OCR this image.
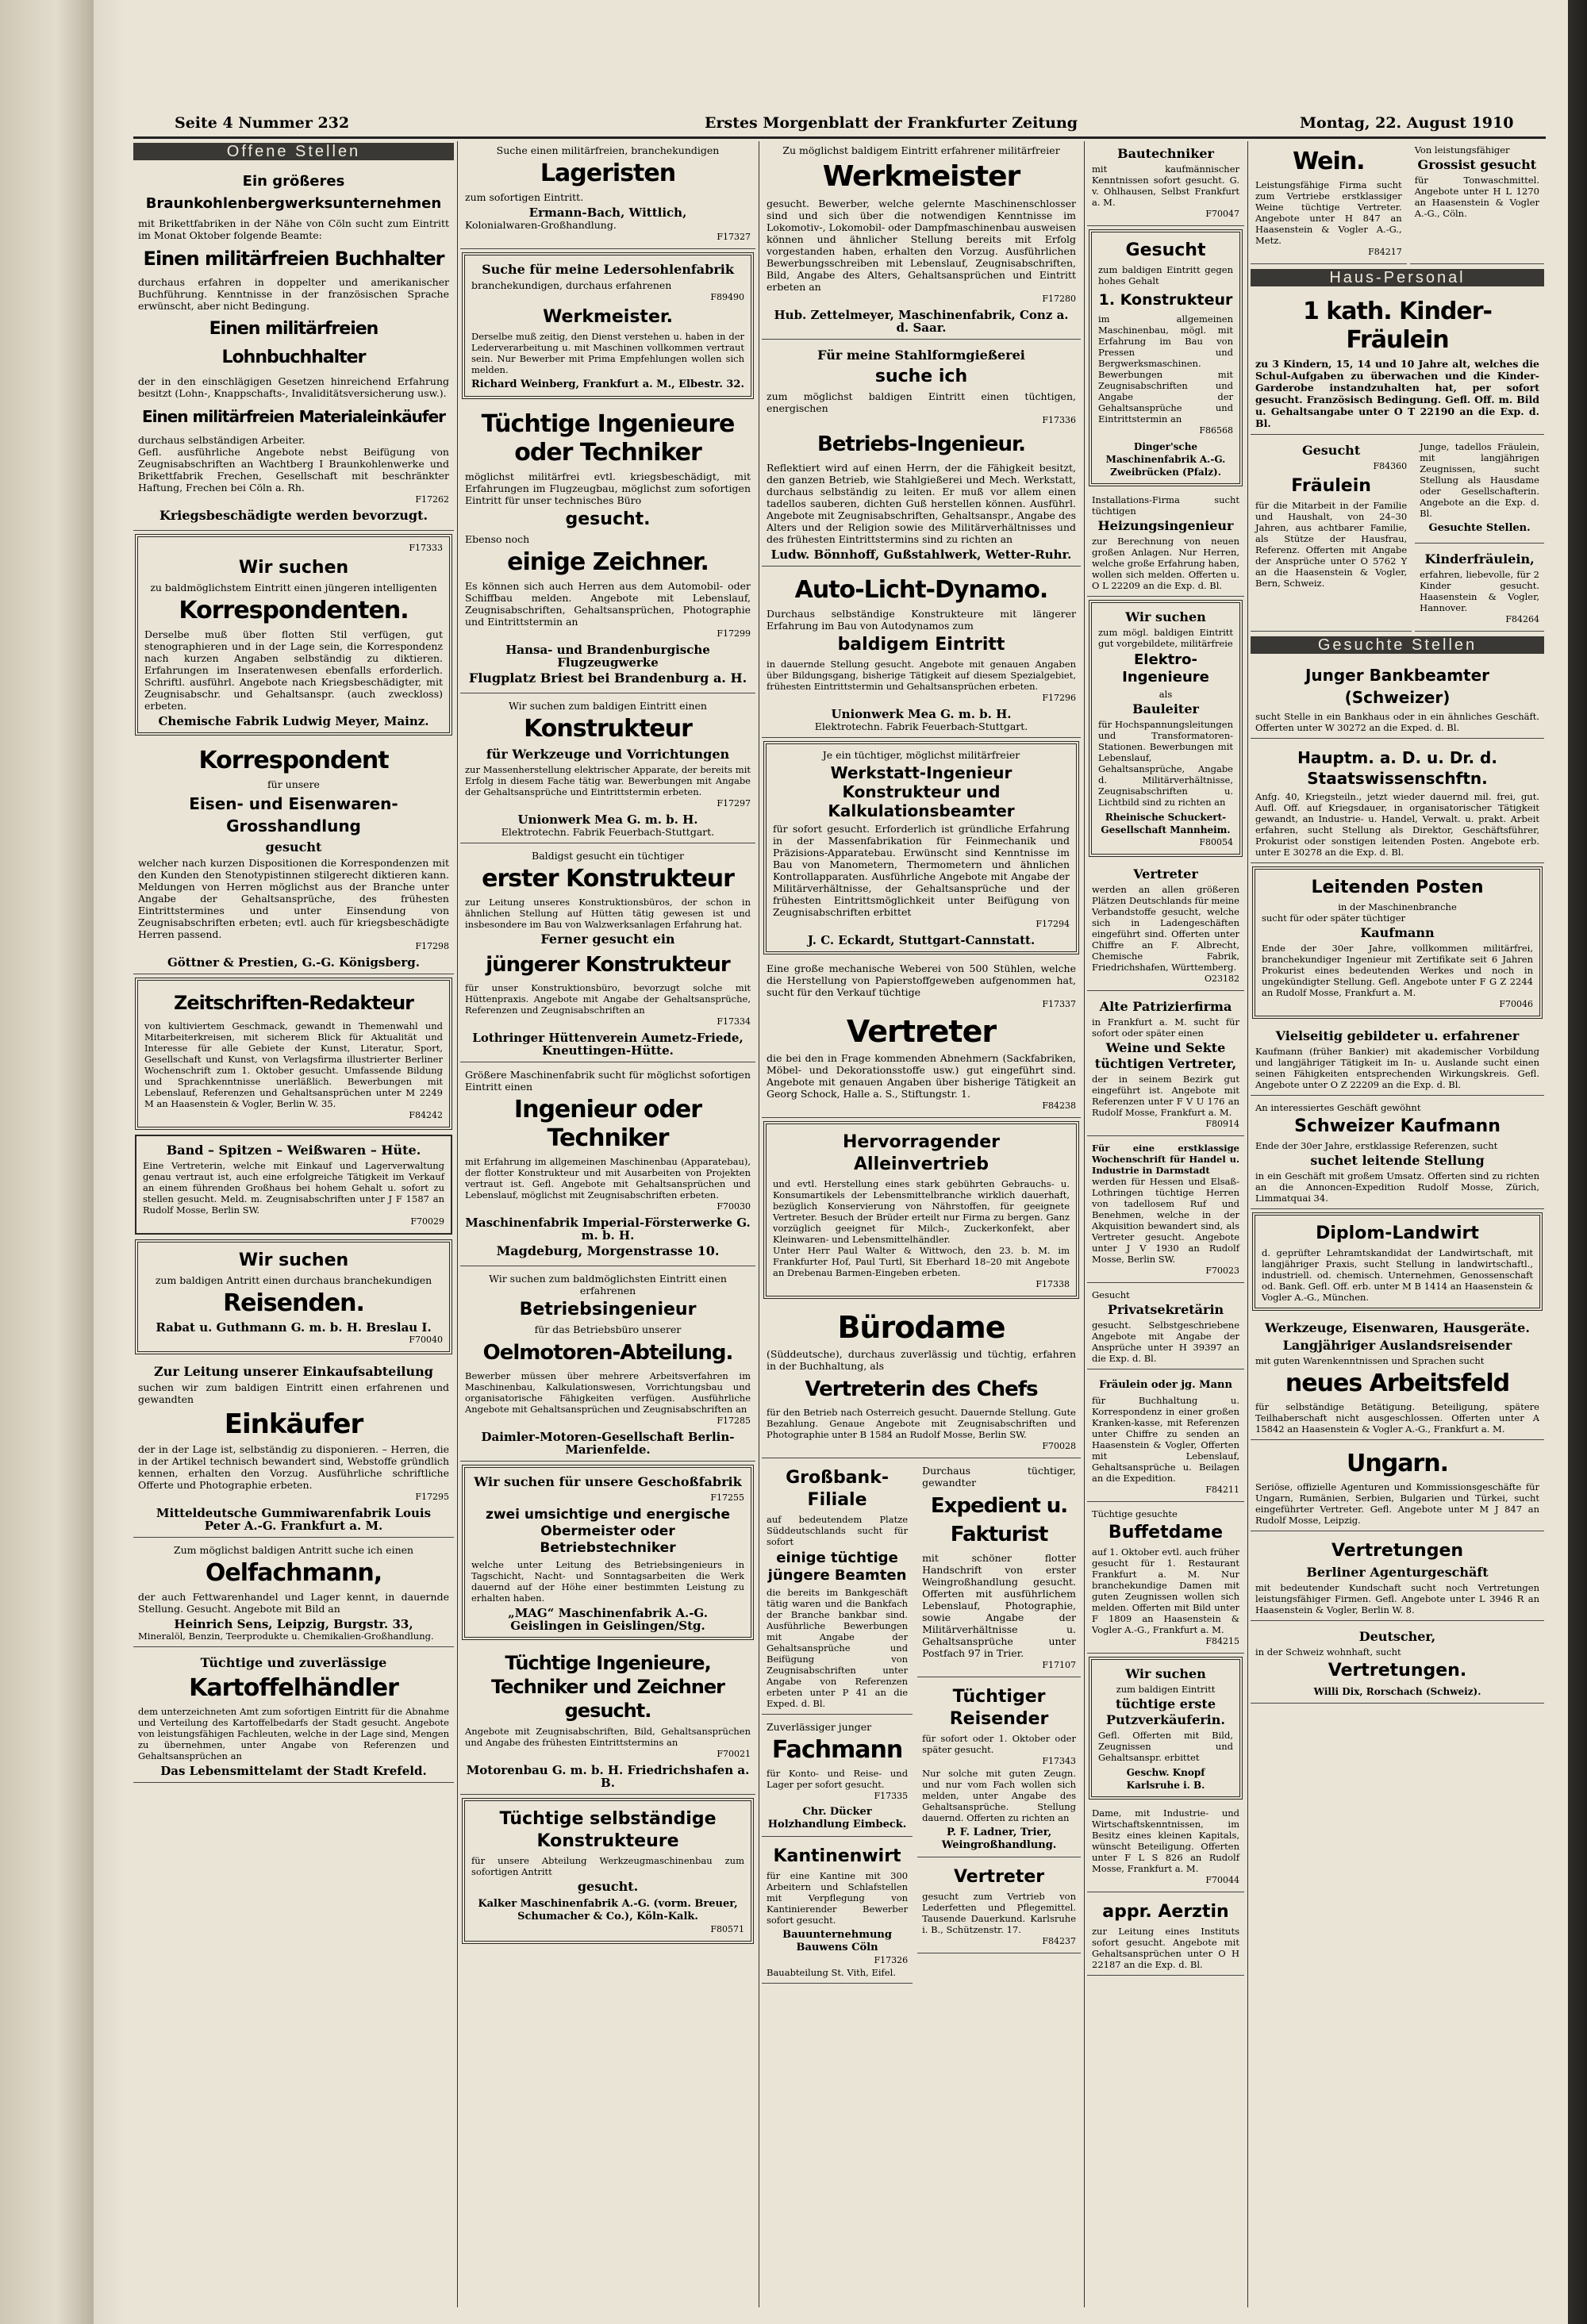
Seite 4 Nummer 232	Erstes Morgenblatt der Frankfurter Zeitung	Montag, 22. August 1910
Offene Stellen
Ein größeres Braunkohlenbergwerksunternehmen
mit Brikettfabriken in der Nähe von Cöln sucht zum Eintritt im Monat Oktober folgende Beamte:
Einen militärfreien Buchhalter
durchaus erfahren in doppelter und amerikanischer Buchführung. Kenntnisse in der französischen Sprache erwünscht, aber nicht Bedingung.
Einen militärfreien Lohnbuchhalter
der in den einschlägigen Gesetzen hinreichend Erfahrung besitzt (Lohn-, Knappschafts-, Invaliditätsversicherung usw.).
Einen militärfreien Materialeinkäufer
durchaus selbständigen Arbeiter.
Gefl. ausführliche Angebote nebst Beifügung von Zeugnisabschriften an Wachtberg I Braunkohlenwerke und Brikettfabrik Frechen, Gesellschaft mit beschränkter Haftung, Frechen bei Cöln a. Rh.
F17262
Kriegsbeschädigte werden bevorzugt.
F17333
Wir suchen
zu baldmöglichstem Eintritt einen jüngeren intelligenten
Korrespondenten.
Derselbe muß über flotten Stil verfügen, gut stenographieren und in der Lage sein, die Korrespondenz nach kurzen Angaben selbständig zu diktieren. Erfahrungen im Inseratenwesen ebenfalls erforderlich. Schriftl. ausführl. Angebote nach Kriegsbeschädigter, mit Zeugnisabschr. und Gehaltsanspr. (auch zweckloss) erbeten.
Chemische Fabrik Ludwig Meyer, Mainz.
Korrespondent
für unsere
Eisen- und Eisenwaren-Grosshandlung
gesucht
welcher nach kurzen Dispositionen die Korrespondenzen mit den Kunden den Stenotypistinnen stilgerecht diktieren kann. Meldungen von Herren möglichst aus der Branche unter Angabe der Gehaltsansprüche, des frühesten Eintrittstermines und unter Einsendung von Zeugnisabschriften erbeten; evtl. auch für kriegsbeschädigte Herren passend.
F17298
Göttner & Prestien, G.-G. Königsberg.
Zeitschriften-Redakteur
von kultiviertem Geschmack, gewandt in Themenwahl und Mitarbeiterkreisen, mit sicherem Blick für Aktualität und Interesse für alle Gebiete der Kunst, Literatur, Sport, Gesellschaft und Kunst, von Verlagsfirma illustrierter Berliner Wochenschrift zum 1. Oktober gesucht. Umfassende Bildung und Sprachkenntnisse unerläßlich. Bewerbungen mit Lebenslauf, Referenzen und Gehaltsansprüchen unter M 2249 M an Haasenstein & Vogler, Berlin W. 35.
F84242
Band – Spitzen – Weißwaren – Hüte.
Eine Vertreterin, welche mit Einkauf und Lagerverwaltung genau vertraut ist, auch eine erfolgreiche Tätigkeit im Verkauf an einem führenden Großhaus bei hohem Gehalt u. sofort zu stellen gesucht. Meld. m. Zeugnisabschriften unter J F 1587 an Rudolf Mosse, Berlin SW.
F70029
Wir suchen
zum baldigen Antritt einen durchaus branchekundigen
Reisenden.
Rabat u. Guthmann G. m. b. H. Breslau I.
F70040
Zur Leitung unserer Einkaufsabteilung
suchen wir zum baldigen Eintritt einen erfahrenen und gewandten
Einkäufer
der in der Lage ist, selbständig zu disponieren. – Herren, die in der Artikel technisch bewandert sind, Webstoffe gründlich kennen, erhalten den Vorzug. Ausführliche schriftliche Offerte und Photographie erbeten.
F17295
Mitteldeutsche Gummiwarenfabrik Louis Peter A.-G. Frankfurt a. M.
Zum möglichst baldigen Antritt suche ich einen
Oelfachmann,
der auch Fettwarenhandel und Lager kennt, in dauernde Stellung. Gesucht. Angebote mit Bild an
Heinrich Sens, Leipzig, Burgstr. 33,
Mineralöl, Benzin, Teerprodukte u. Chemikalien-Großhandlung.
Tüchtige und zuverlässige
Kartoffelhändler
dem unterzeichneten Amt zum sofortigen Eintritt für die Abnahme und Verteilung des Kartoffelbedarfs der Stadt gesucht. Angebote von leistungsfähigen Fachleuten, welche in der Lage sind, Mengen zu übernehmen, unter Angabe von Referenzen und Gehaltsansprüchen an
Das Lebensmittelamt der Stadt Krefeld.
Suche einen militärfreien, branchekundigen
Lageristen
zum sofortigen Eintritt.
Ermann-Bach, Wittlich,
Kolonialwaren-Großhandlung.
F17327
Suche für meine Ledersohlenfabrik
branchekundigen, durchaus erfahrenen
F89490
Werkmeister.
Derselbe muß zeitig, den Dienst verstehen u. haben in der Lederverarbeitung u. mit Maschinen vollkommen vertraut sein. Nur Bewerber mit Prima Empfehlungen wollen sich melden.
Richard Weinberg, Frankfurt a. M., Elbestr. 32.
Tüchtige Ingenieure oder Techniker
möglichst militärfrei evtl. kriegsbeschädigt, mit Erfahrungen im Flugzeugbau, möglichst zum sofortigen Eintritt für unser technisches Büro
gesucht.
Ebenso noch
einige Zeichner.
Es können sich auch Herren aus dem Automobil- oder Schiffbau melden. Angebote mit Lebenslauf, Zeugnisabschriften, Gehaltsansprüchen, Photographie und Eintrittstermin an
F17299
Hansa- und Brandenburgische Flugzeugwerke
Flugplatz Briest bei Brandenburg a. H.
Wir suchen zum baldigen Eintritt einen
Konstrukteur
für Werkzeuge und Vorrichtungen
zur Massenherstellung elektrischer Apparate, der bereits mit Erfolg in diesem Fache tätig war. Bewerbungen mit Angabe der Gehaltsansprüche und Eintrittstermin erbeten.
F17297
Unionwerk Mea G. m. b. H.
Elektrotechn. Fabrik Feuerbach-Stuttgart.
Baldigst gesucht ein tüchtiger
erster Konstrukteur
zur Leitung unseres Konstruktionsbüros, der schon in ähnlichen Stellung auf Hütten tätig gewesen ist und insbesondere im Bau von Walzwerksanlagen Erfahrung hat.
Ferner gesucht ein
jüngerer Konstrukteur
für unser Konstruktionsbüro, bevorzugt solche mit Hüttenpraxis. Angebote mit Angabe der Gehaltsansprüche, Referenzen und Zeugnisabschriften an
F17334
Lothringer Hüttenverein Aumetz-Friede, Kneuttingen-Hütte.
Größere Maschinenfabrik sucht für möglichst sofortigen Eintritt einen
Ingenieur oder Techniker
mit Erfahrung im allgemeinen Maschinenbau (Apparatebau), der flotter Konstrukteur und mit Ausarbeiten von Projekten vertraut ist. Gefl. Angebote mit Gehaltsansprüchen und Lebenslauf, möglichst mit Zeugnisabschriften erbeten.
F70030
Maschinenfabrik Imperial-Försterwerke G. m. b. H.
Magdeburg, Morgenstrasse 10.
Wir suchen zum baldmöglichsten Eintritt einen erfahrenen
Betriebsingenieur
für das Betriebsbüro unserer
Oelmotoren-Abteilung.
Bewerber müssen über mehrere Arbeitsverfahren im Maschinenbau, Kalkulationswesen, Vorrichtungsbau und organisatorische Fähigkeiten verfügen. Ausführliche Angebote mit Gehaltsansprüchen und Zeugnisabschriften an
F17285
Daimler-Motoren-Gesellschaft Berlin-Marienfelde.
Wir suchen für unsere Geschoßfabrik
F17255
zwei umsichtige und energische Obermeister oder Betriebstechniker
welche unter Leitung des Betriebsingenieurs in Tagschicht, Nacht- und Sonntagsarbeiten die Werk dauernd auf der Höhe einer bestimmten Leistung zu erhalten haben.
„MAG“ Maschinenfabrik A.-G. Geislingen in Geislingen/Stg.
Tüchtige Ingenieure, Techniker und Zeichner gesucht.
Angebote mit Zeugnisabschriften, Bild, Gehaltsansprüchen und Angabe des frühesten Eintrittstermins an
F70021
Motorenbau G. m. b. H. Friedrichshafen a. B.
Tüchtige selbständige Konstrukteure
für unsere Abteilung Werkzeugmaschinenbau zum sofortigen Antritt
gesucht.
Kalker Maschinenfabrik A.-G. (vorm. Breuer, Schumacher & Co.), Köln-Kalk.
F80571
Zu möglichst baldigem Eintritt erfahrener militärfreier
Werkmeister
gesucht. Bewerber, welche gelernte Maschinenschlosser sind und sich über die notwendigen Kenntnisse im Lokomotiv-, Lokomobil- oder Dampfmaschinenbau ausweisen können und ähnlicher Stellung bereits mit Erfolg vorgestanden haben, erhalten den Vorzug. Ausführlichen Bewerbungsschreiben mit Lebenslauf, Zeugnisabschriften, Bild, Angabe des Alters, Gehaltsansprüchen und Eintritt erbeten an
F17280
Hub. Zettelmeyer, Maschinenfabrik, Conz a. d. Saar.
Für meine Stahlformgießerei
suche ich
zum möglichst baldigen Eintritt einen tüchtigen, energischen
F17336
Betriebs-Ingenieur.
Reflektiert wird auf einen Herrn, der die Fähigkeit besitzt, den ganzen Betrieb, wie Stahlgießerei und Mech. Werkstatt, durchaus selbständig zu leiten. Er muß vor allem einen tadellos sauberen, dichten Guß herstellen können. Ausführl. Angebote mit Zeugnisabschriften, Gehaltsanspr., Angabe des Alters und der Religion sowie des Militärverhältnisses und des frühesten Eintrittstermins sind zu richten an
Ludw. Bönnhoff, Gußstahlwerk, Wetter-Ruhr.
Auto-Licht-Dynamo.
Durchaus selbständige Konstrukteure mit längerer Erfahrung im Bau von Autodynamos zum
baldigem Eintritt
in dauernde Stellung gesucht. Angebote mit genauen Angaben über Bildungsgang, bisherige Tätigkeit auf diesem Spezialgebiet, frühesten Eintrittstermin und Gehaltsansprüchen erbeten.
F17296
Unionwerk Mea G. m. b. H.
Elektrotechn. Fabrik Feuerbach-Stuttgart.
Je ein tüchtiger, möglichst militärfreier
Werkstatt-Ingenieur Konstrukteur und Kalkulationsbeamter
für sofort gesucht. Erforderlich ist gründliche Erfahrung in der Massenfabrikation für Feinmechanik und Präzisions-Apparatebau. Erwünscht sind Kenntnisse im Bau von Manometern, Thermometern und ähnlichen Kontrollapparaten. Ausführliche Angebote mit Angabe der Militärverhältnisse, der Gehaltsansprüche und der frühesten Eintrittsmöglichkeit unter Beifügung von Zeugnisabschriften erbittet
F17294
J. C. Eckardt, Stuttgart-Cannstatt.
Eine große mechanische Weberei von 500 Stühlen, welche die Herstellung von Papierstoffgeweben aufgenommen hat, sucht für den Verkauf tüchtige
F17337
Vertreter
die bei den in Frage kommenden Abnehmern (Sackfabriken, Möbel- und Dekorationsstoffe usw.) gut eingeführt sind. Angebote mit genauen Angaben über bisherige Tätigkeit an Georg Schock, Halle a. S., Stiftungstr. 1.
F84238
Hervorragender Alleinvertrieb
und evtl. Herstellung eines stark gebührten Gebrauchs- u. Konsumartikels der Lebensmittelbranche wirklich dauerhaft, bezüglich Konservierung von Nährstoffen, für geeignete Vertreter. Besuch der Brüder erteilt nur Firma zu bergen. Ganz vorzüglich geeignet für Milch-, Zuckerkonfekt, aber Kleinwaren- und Lebensmittelhändler.
Unter Herr Paul Walter & Wittwoch, den 23. b. M. im Frankfurter Hof, Paul Turtl, Sit Eberhard 18–20 mit Angebote an Drebenau Barmen-Eingeben erbeten.
F17338
Bürodame
(Süddeutsche), durchaus zuverlässig und tüchtig, erfahren in der Buchhaltung, als
Vertreterin des Chefs
für den Betrieb nach Osterreich gesucht. Dauernde Stellung. Gute Bezahlung. Genaue Angebote mit Zeugnisabschriften und Photographie unter B 1584 an Rudolf Mosse, Berlin SW.
F70028
Großbank-Filiale
auf bedeutendem Platze Süddeutschlands sucht für sofort
einige tüchtige jüngere Beamten
die bereits im Bankgeschäft tätig waren und die Bankfach der Branche bankbar sind. Ausführliche Bewerbungen mit Angabe der Gehaltsansprüche und Beifügung von Zeugnisabschriften unter Angabe von Referenzen erbeten unter P 41 an die Exped. d. Bl.
Zuverlässiger junger
Fachmann
für Konto- und Reise- und Lager per sofort gesucht.
F17335
Chr. Dücker Holzhandlung Eimbeck.
Kantinenwirt
für eine Kantine mit 300 Arbeitern und Schlafstellen mit Verpflegung von Kantinierender Bewerber sofort gesucht.
Bauunternehmung Bauwens Cöln
F17326
Bauabteilung St. Vith, Eifel.
Durchaus tüchtiger, gewandter
Expedient u. Fakturist
mit schöner flotter Handschrift von erster Weingroßhandlung gesucht. Offerten mit ausführlichem Lebenslauf, Photographie, sowie Angabe der Militärverhältnisse u. Gehaltsansprüche unter Postfach 97 in Trier.
F17107
Tüchtiger Reisender
für sofort oder 1. Oktober oder später gesucht.
F17343
Nur solche mit guten Zeugn. und nur vom Fach wollen sich melden, unter Angabe des Gehaltsansprüche. Stellung dauernd. Offerten zu richten an
P. F. Ladner, Trier, Weingroßhandlung.
Vertreter
gesucht zum Vertrieb von Lederfetten und Pflegemittel. Tausende Dauerkund. Karlsruhe i. B., Schützenstr. 17.
F84237
Bautechniker
mit kaufmännischer Kenntnissen sofort gesucht. G. v. Ohlhausen, Selbst Frankfurt a. M.
F70047
Gesucht
zum baldigen Eintritt gegen hohes Gehalt
1. Konstrukteur
im allgemeinen Maschinenbau, mögl. mit Erfahrung im Bau von Pressen und Bergwerksmaschinen. Bewerbungen mit Zeugnisabschriften und Angabe der Gehaltsansprüche und Eintrittstermin an
F86568
Dinger'sche Maschinenfabrik A.-G. Zweibrücken (Pfalz).
Installations-Firma sucht tüchtigen
Heizungsingenieur
zur Berechnung von neuen großen Anlagen. Nur Herren, welche große Erfahrung haben, wollen sich melden. Offerten u. O L 22209 an die Exp. d. Bl.
Wir suchen
zum mögl. baldigen Eintritt gut vorgebildete, militärfreie
Elektro-Ingenieure
als
Bauleiter
für Hochspannungsleitungen und Transformatoren-Stationen. Bewerbungen mit Lebenslauf, Gehaltsansprüche, Angabe d. Militärverhältnisse, Zeugnisabschriften u. Lichtbild sind zu richten an
Rheinische Schuckert-Gesellschaft Mannheim.
F80054
Vertreter
werden an allen größeren Plätzen Deutschlands für meine Verbandstoffe gesucht, welche sich in Ladengeschäften eingeführt sind. Offerten unter Chiffre an F. Albrecht, Chemische Fabrik, Friedrichshafen, Württemberg.
O23182
Alte Patrizierfirma
in Frankfurt a. M. sucht für sofort oder später einen
Weine und Sekte tüchtigen Vertreter,
der in seinem Bezirk gut eingeführt ist. Angebote mit Referenzen unter F V U 176 an Rudolf Mosse, Frankfurt a. M.
F80914
Für eine erstklassige Wochenschrift für Handel u. Industrie in Darmstadt
werden für Hessen und Elsaß-Lothringen tüchtige Herren von tadellosem Ruf und Benehmen, welche in der Akquisition bewandert sind, als Vertreter gesucht. Angebote unter J V 1930 an Rudolf Mosse, Berlin SW.
F70023
Gesucht
Privatsekretärin
gesucht. Selbstgeschriebene Angebote mit Angabe der Ansprüche unter H 39397 an die Exp. d. Bl.
Fräulein oder jg. Mann
für Buchhaltung u. Korrespondenz in einer großen Kranken-kasse, mit Referenzen unter Chiffre zu senden an Haasenstein & Vogler, Offerten mit Lebenslauf, Gehaltsansprüche u. Beilagen an die Expedition.
F84211
Tüchtige gesuchte
Buffetdame
auf 1. Oktober evtl. auch früher gesucht für 1. Restaurant Frankfurt a. M. Nur branchekundige Damen mit guten Zeugnissen wollen sich melden. Offerten mit Bild unter F 1809 an Haasenstein & Vogler A.-G., Frankfurt a. M.
F84215
Wir suchen
zum baldigen Eintritt
tüchtige erste Putzverkäuferin.
Gefl. Offerten mit Bild, Zeugnissen und Gehaltsanspr. erbittet
Geschw. Knopf Karlsruhe i. B.
Dame, mit Industrie- und Wirtschaftskenntnissen, im Besitz eines kleinen Kapitals, wünscht Beteiligung. Offerten unter F L S 826 an Rudolf Mosse, Frankfurt a. M.
F70044
appr. Aerztin
zur Leitung eines Instituts sofort gesucht. Angebote mit Gehaltsansprüchen unter O H 22187 an die Exp. d. Bl.
Wein.
Leistungsfähige Firma sucht zum Vertriebe erstklassiger Weine tüchtige Vertreter. Angebote unter H 847 an Haasenstein & Vogler A.-G., Metz.
F84217
Von leistungsfähiger
Grossist gesucht
für Tonwaschmittel. Angebote unter H L 1270 an Haasenstein & Vogler A.-G., Cöln.
Haus-Personal
1 kath. Kinder-Fräulein
zu 3 Kindern, 15, 14 und 10 Jahre alt, welches die Schul-Aufgaben zu überwachen und die Kinder-Garderobe instandzuhalten hat, per sofort gesucht. Französisch Bedingung. Gefl. Off. m. Bild u. Gehaltsangabe unter O T 22190 an die Exp. d. Bl.
Gesucht
F84360
Fräulein
für die Mitarbeit in der Familie und Haushalt, von 24–30 Jahren, aus achtbarer Familie, als Stütze der Hausfrau, Referenz. Offerten mit Angabe der Ansprüche unter O 5762 Y an die Haasenstein & Vogler, Bern, Schweiz.
Junge, tadellos Fräulein, mit langjährigen Zeugnissen, sucht Stellung als Hausdame oder Gesellschafterin. Angebote an die Exp. d. Bl.
Gesuchte Stellen.
Kinderfräulein,
erfahren, liebevolle, für 2 Kinder gesucht. Haasenstein & Vogler, Hannover.
F84264
Gesuchte Stellen
Junger Bankbeamter (Schweizer)
sucht Stelle in ein Bankhaus oder in ein ähnliches Geschäft. Offerten unter W 30272 an die Exped. d. Bl.
Hauptm. a. D. u. Dr. d. Staatswissenschftn.
Anfg. 40, Kriegsteiln., jetzt wieder dauernd mil. frei, gut. Aufl. Off. auf Kriegsdauer, in organisatorischer Tätigkeit gewandt, an Industrie- u. Handel, Verwalt. u. prakt. Arbeit erfahren, sucht Stellung als Direktor, Geschäftsführer, Prokurist oder sonstigen leitenden Posten. Angebote erb. unter E 30278 an die Exp. d. Bl.
Leitenden Posten
in der Maschinenbranche
sucht für oder später tüchtiger
Kaufmann
Ende der 30er Jahre, vollkommen militärfrei, branchekundiger Ingenieur mit Zertifikate seit 6 Jahren Prokurist eines bedeutenden Werkes und noch in ungekündigter Stellung. Gefl. Angebote unter F G Z 2244 an Rudolf Mosse, Frankfurt a. M.
F70046
Vielseitig gebildeter u. erfahrener
Kaufmann (früher Bankier) mit akademischer Vorbildung und langjähriger Tätigkeit im In- u. Auslande sucht einen seinen Fähigkeiten entsprechenden Wirkungskreis. Gefl. Angebote unter O Z 22209 an die Exp. d. Bl.
An interessiertes Geschäft gewöhnt
Schweizer Kaufmann
Ende der 30er Jahre, erstklassige Referenzen, sucht
suchet leitende Stellung
in ein Geschäft mit großem Umsatz. Offerten sind zu richten an die Annoncen-Expedition Rudolf Mosse, Zürich, Limmatquai 34.
Diplom-Landwirt
d. geprüfter Lehramtskandidat der Landwirtschaft, mit langjähriger Praxis, sucht Stellung in landwirtschaftl., industriell. od. chemisch. Unternehmen, Genossenschaft od. Bank. Gefl. Off. erb. unter M B 1414 an Haasenstein & Vogler A.-G., München.
Werkzeuge, Eisenwaren, Hausgeräte.
Langjähriger Auslandsreisender
mit guten Warenkenntnissen und Sprachen sucht
neues Arbeitsfeld
für selbständige Betätigung. Beteiligung, spätere Teilhaberschaft nicht ausgeschlossen. Offerten unter A 15842 an Haasenstein & Vogler A.-G., Frankfurt a. M.
Ungarn.
Seriöse, offizielle Agenturen und Kommissionsgeschäfte für Ungarn, Rumänien, Serbien, Bulgarien und Türkei, sucht eingeführter Vertreter. Gefl. Angebote unter M J 847 an Rudolf Mosse, Leipzig.
Vertretungen
Berliner Agenturgeschäft
mit bedeutender Kundschaft sucht noch Vertretungen leistungsfähiger Firmen. Gefl. Angebote unter L 3946 R an Haasenstein & Vogler, Berlin W. 8.
Deutscher,
in der Schweiz wohnhaft, sucht
Vertretungen.
Willi Dix, Rorschach (Schweiz).
